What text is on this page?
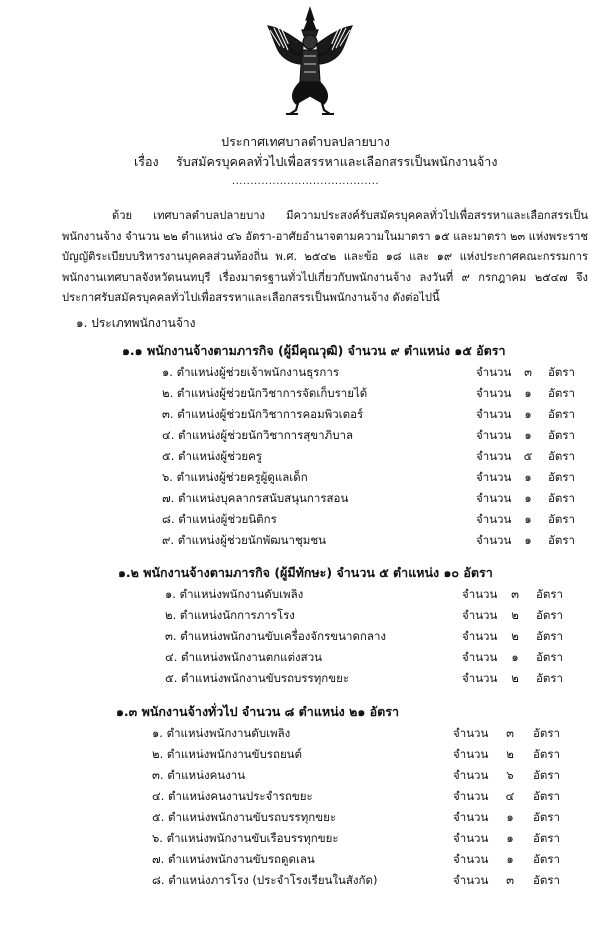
ประกาศเทศบาลตำบลปลายบาง
เรื่อง รับสมัครบุคคลทั่วไปเพื่อสรรหาและเลือกสรรเป็นพนักงานจ้าง
........................................
ด้วย เทศบาลตำบลปลายบาง มีความประสงค์รับสมัครบุคคลทั่วไปเพื่อสรรหาและเลือกสรรเป็นพนักงานจ้าง จำนวน ๒๒ ตำแหน่ง ๔๖ อัตรา-อาศัยอำนาจตามความในมาตรา ๑๕ และมาตรา ๒๓ แห่งพระราชบัญญัติระเบียบบริหารงานบุคคลส่วนท้องถิ่น พ.ศ. ๒๕๔๒ และข้อ ๑๘ และ ๑๙ แห่งประกาศคณะกรรมการพนักงานเทศบาลจังหวัดนนทบุรี เรื่องมาตรฐานทั่วไปเกี่ยวกับพนักงานจ้าง ลงวันที่ ๙ กรกฎาคม ๒๕๔๗ จึงประกาศรับสมัครบุคคลทั่วไปเพื่อสรรหาและเลือกสรรเป็นพนักงานจ้าง ดังต่อไปนี้
๑. ประเภทพนักงานจ้าง
๑.๑ พนักงานจ้างตามภารกิจ (ผู้มีคุณวุฒิ) จำนวน ๙ ตำแหน่ง ๑๕ อัตรา
๑. ตำแหน่งผู้ช่วยเจ้าพนักงานธุรการ	จำนวน ๓ อัตรา
๒. ตำแหน่งผู้ช่วยนักวิชาการจัดเก็บรายได้	จำนวน ๑ อัตรา
๓. ตำแหน่งผู้ช่วยนักวิชาการคอมพิวเตอร์	จำนวน ๑ อัตรา
๔. ตำแหน่งผู้ช่วยนักวิชาการสุขาภิบาล	จำนวน ๑ อัตรา
๕. ตำแหน่งผู้ช่วยครู	จำนวน ๕ อัตรา
๖. ตำแหน่งผู้ช่วยครูผู้ดูแลเด็ก	จำนวน ๑ อัตรา
๗. ตำแหน่งบุคลากรสนับสนุนการสอน	จำนวน ๑ อัตรา
๘. ตำแหน่งผู้ช่วยนิติกร	จำนวน ๑ อัตรา
๙. ตำแหน่งผู้ช่วยนักพัฒนาชุมชน	จำนวน ๑ อัตรา
๑.๒ พนักงานจ้างตามภารกิจ (ผู้มีทักษะ) จำนวน ๕ ตำแหน่ง ๑๐ อัตรา
๑. ตำแหน่งพนักงานดับเพลิง	จำนวน ๓ อัตรา
๒. ตำแหน่งนักการภารโรง	จำนวน ๒ อัตรา
๓. ตำแหน่งพนักงานขับเครื่องจักรขนาดกลาง	จำนวน ๒ อัตรา
๔. ตำแหน่งพนักงานตกแต่งสวน	จำนวน ๑ อัตรา
๕. ตำแหน่งพนักงานขับรถบรรทุกขยะ	จำนวน ๒ อัตรา
๑.๓ พนักงานจ้างทั่วไป จำนวน ๘ ตำแหน่ง ๒๑ อัตรา
๑. ตำแหน่งพนักงานดับเพลิง	จำนวน ๓ อัตรา
๒. ตำแหน่งพนักงานขับรถยนต์	จำนวน ๒ อัตรา
๓. ตำแหน่งคนงาน	จำนวน ๖ อัตรา
๔. ตำแหน่งคนงานประจำรถขยะ	จำนวน ๔ อัตรา
๕. ตำแหน่งพนักงานขับรถบรรทุกขยะ	จำนวน ๑ อัตรา
๖. ตำแหน่งพนักงานขับเรือบรรทุกขยะ	จำนวน ๑ อัตรา
๗. ตำแหน่งพนักงานขับรถดูดเลน	จำนวน ๑ อัตรา
๘. ตำแหน่งภารโรง (ประจำโรงเรียนในสังกัด)	จำนวน ๓ อัตรา
